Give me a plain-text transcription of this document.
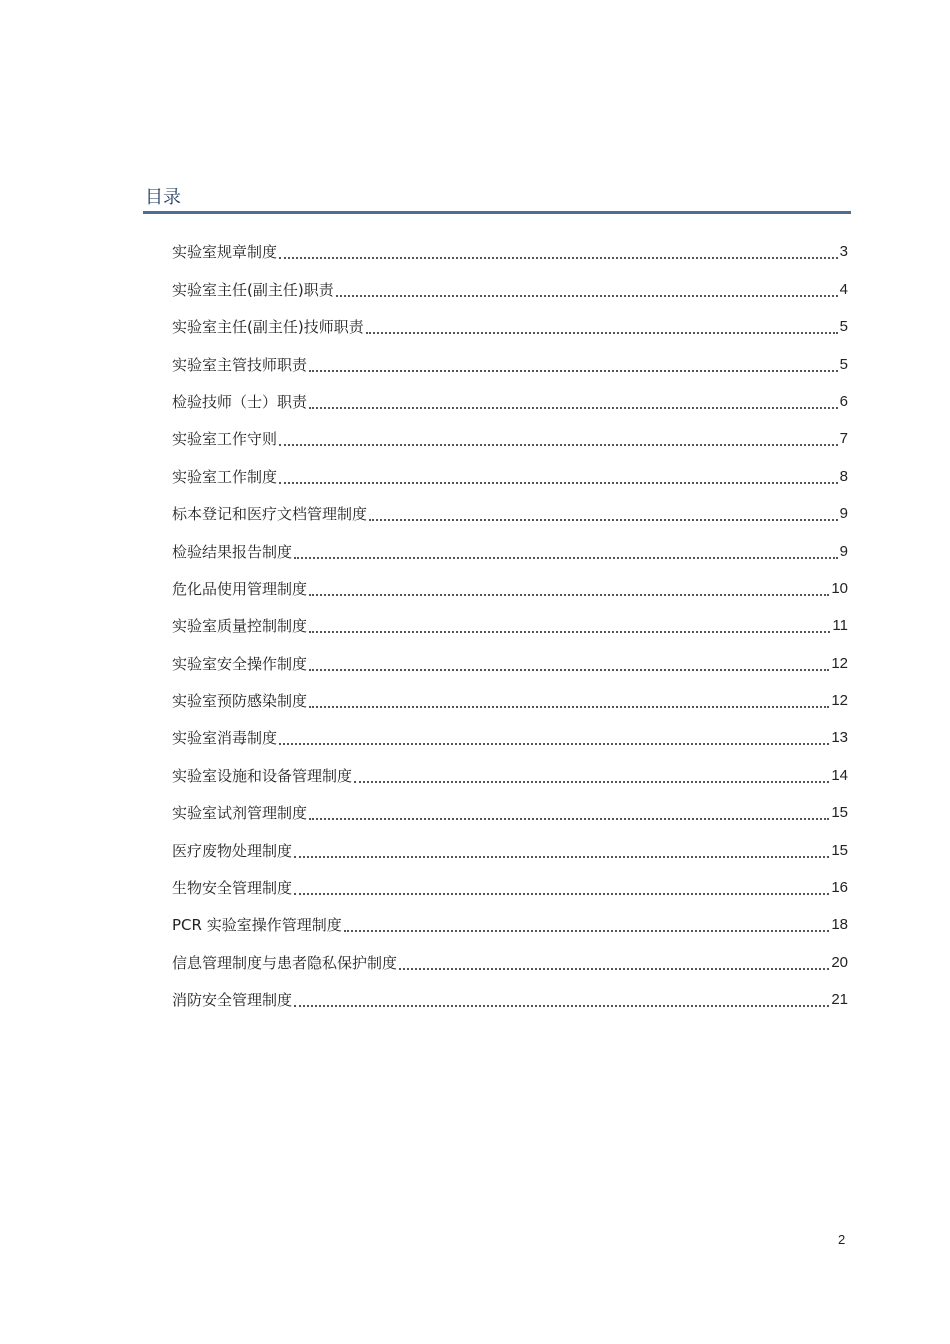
目录
实验室规章制度	3
实验室主任(副主任)职责	4
实验室主任(副主任)技师职责	5
实验室主管技师职责	5
检验技师（士）职责	6
实验室工作守则	7
实验室工作制度	8
标本登记和医疗文档管理制度	9
检验结果报告制度	9
危化品使用管理制度	10
实验室质量控制制度	11
实验室安全操作制度	12
实验室预防感染制度	12
实验室消毒制度	13
实验室设施和设备管理制度	14
实验室试剂管理制度	15
医疗废物处理制度	15
生物安全管理制度	16
PCR 实验室操作管理制度	18
信息管理制度与患者隐私保护制度	20
消防安全管理制度	21
2
